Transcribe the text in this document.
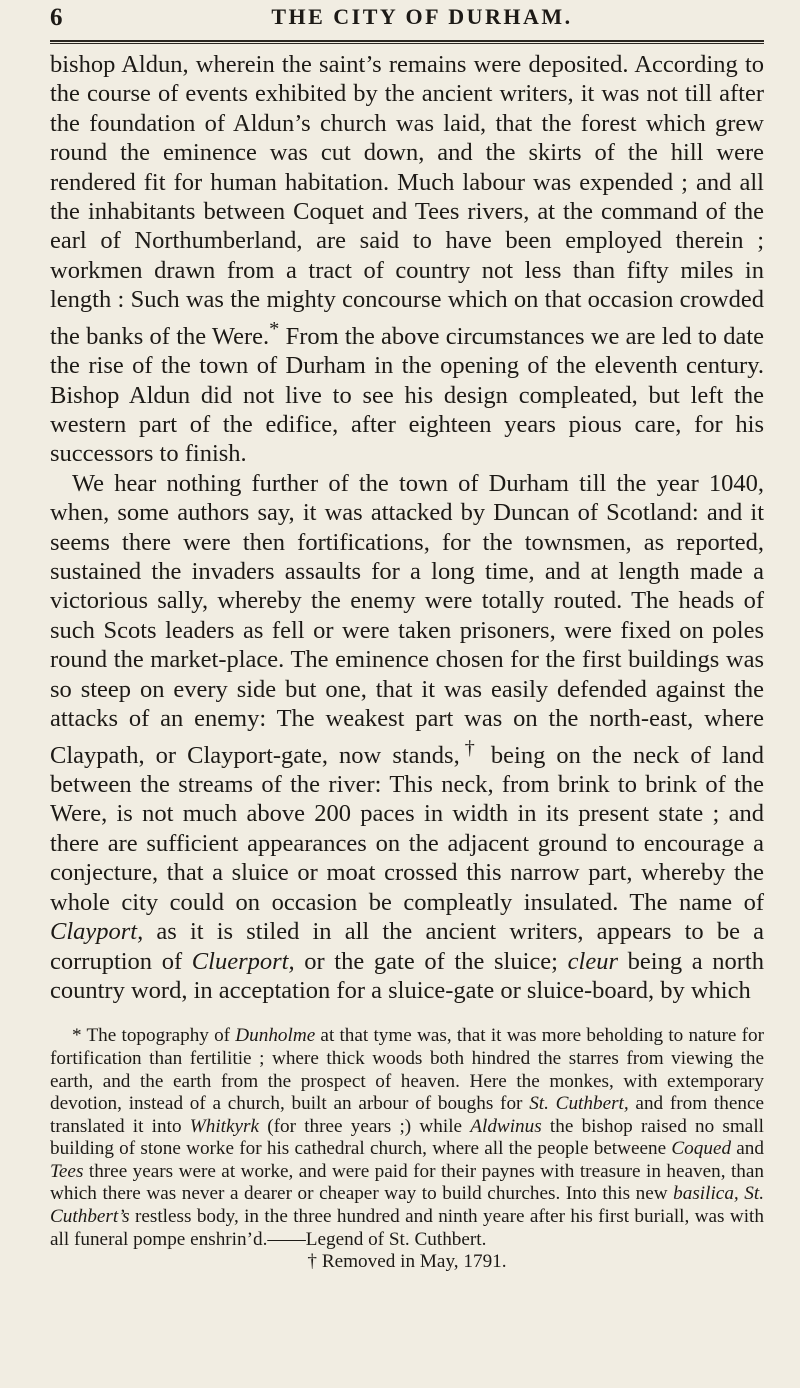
6	THE CITY OF DURHAM.

bishop Aldun, wherein the saint’s remains were deposited. According to the course of events exhibited by the ancient writers, it was not till after the foundation of Aldun’s church was laid, that the forest which grew round the eminence was cut down, and the skirts of the hill were rendered fit for human habitation. Much labour was expended ; and all the inhabitants between Coquet and Tees rivers, at the command of the earl of Northumberland, are said to have been employed therein ; workmen drawn from a tract of country not less than fifty miles in length : Such was the mighty concourse which on that occasion crowded the banks of the Were.* From the above circumstances we are led to date the rise of the town of Durham in the opening of the eleventh century. Bishop Aldun did not live to see his design compleated, but left the western part of the edifice, after eighteen years pious care, for his successors to finish.

We hear nothing further of the town of Durham till the year 1040, when, some authors say, it was attacked by Duncan of Scotland: and it seems there were then fortifications, for the townsmen, as reported, sustained the invaders assaults for a long time, and at length made a victorious sally, whereby the enemy were totally routed. The heads of such Scots leaders as fell or were taken prisoners, were fixed on poles round the market-place. The eminence chosen for the first buildings was so steep on every side but one, that it was easily defended against the attacks of an enemy: The weakest part was on the north-east, where Claypath, or Clayport-gate, now stands,† being on the neck of land between the streams of the river: This neck, from brink to brink of the Were, is not much above 200 paces in width in its present state ; and there are sufficient appearances on the adjacent ground to encourage a conjecture, that a sluice or moat crossed this narrow part, whereby the whole city could on occasion be compleatly insulated. The name of Clayport, as it is stiled in all the ancient writers, appears to be a corruption of Cluerport, or the gate of the sluice; cleur being a north country word, in acceptation for a sluice-gate or sluice-board, by which

* The topography of Dunholme at that tyme was, that it was more beholding to nature for fortification than fertilitie ; where thick woods both hindred the starres from viewing the earth, and the earth from the prospect of heaven. Here the monkes, with extemporary devotion, instead of a church, built an arbour of boughs for St. Cuthbert, and from thence translated it into Whitkyrk (for three years ;) while Aldwinus the bishop raised no small building of stone worke for his cathedral church, where all the people betweene Coqued and Tees three years were at worke, and were paid for their paynes with treasure in heaven, than which there was never a dearer or cheaper way to build churches. Into this new basilica, St. Cuthbert’s restless body, in the three hundred and ninth yeare after his first buriall, was with all funeral pompe enshrin’d.——Legend of St. Cuthbert.

† Removed in May, 1791.
